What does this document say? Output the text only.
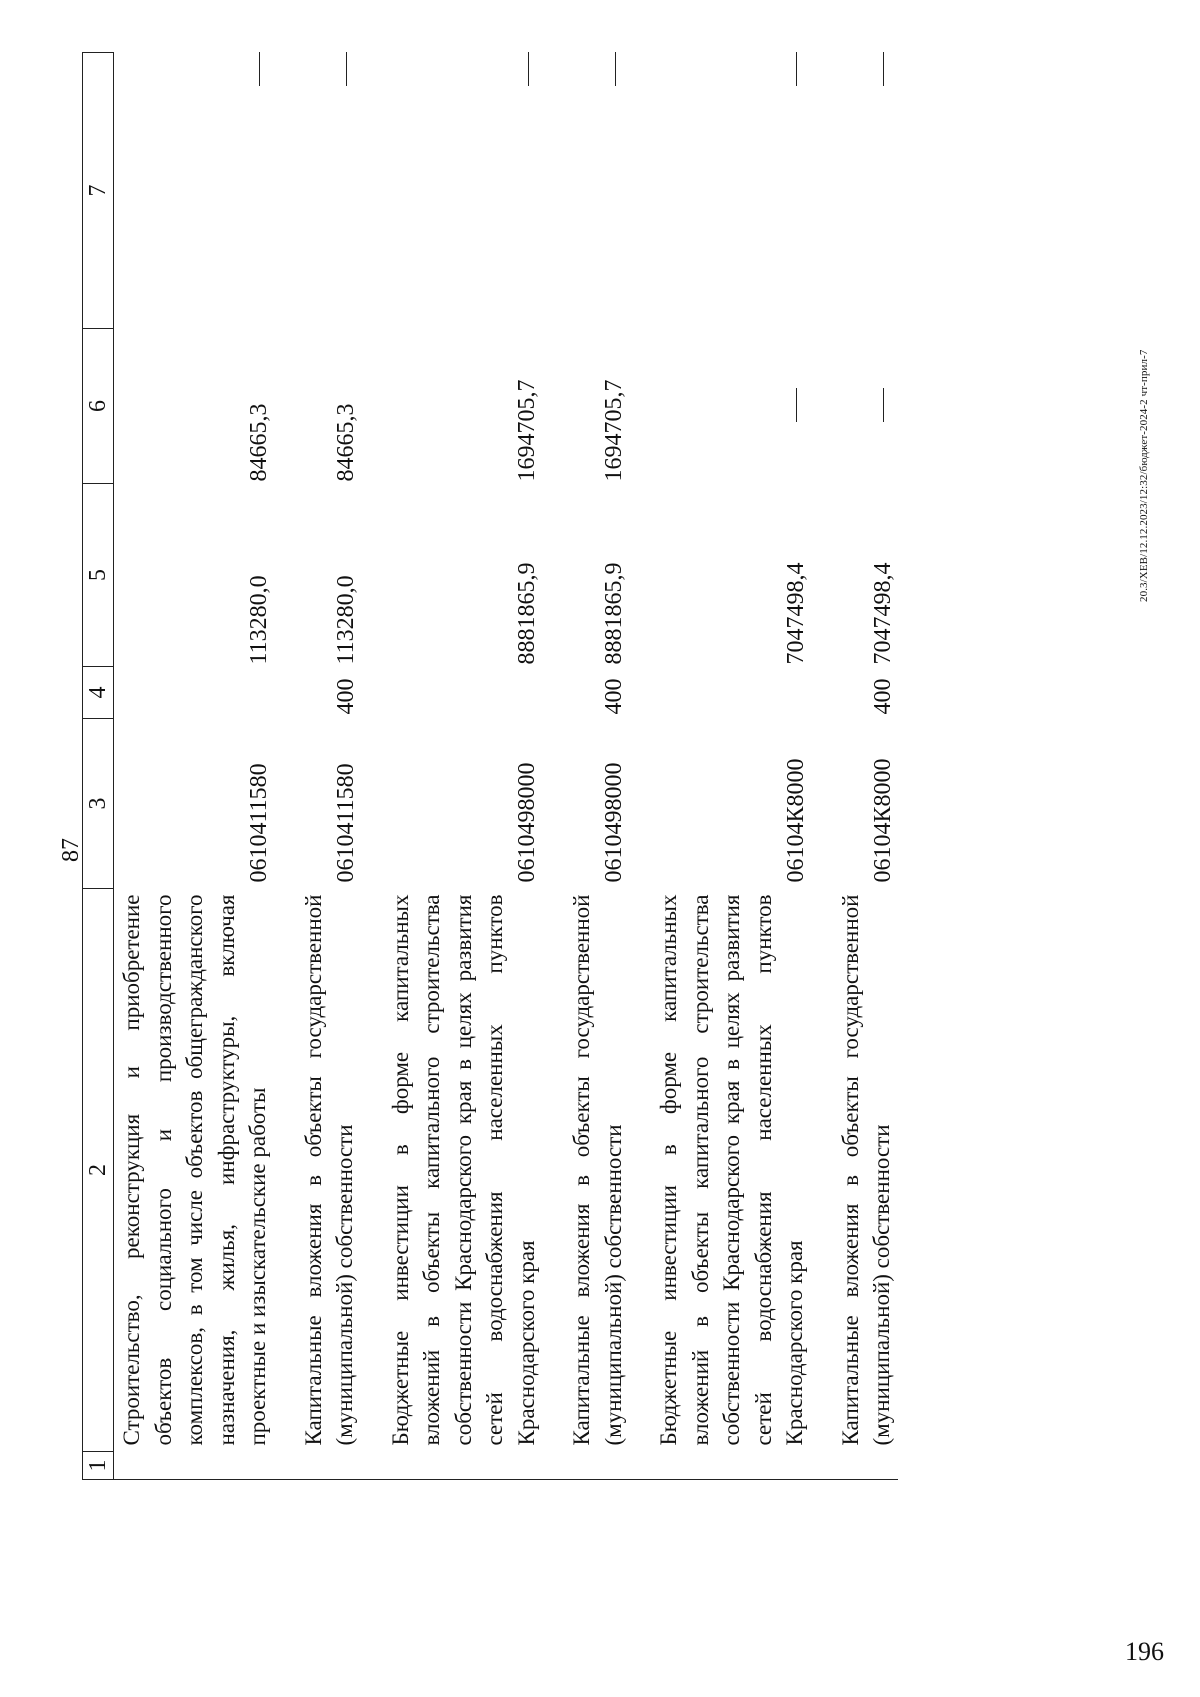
87
1	2	3	4	5	6	7
	Строительство, реконструкция и приобретение объектов социального и производственного комплексов, в том числе объектов общегражданского назначения, жилья, инфраструктуры, включая проектные и изыскательские работы	0610411580		113280,0	84665,3	

	Капитальные вложения в объекты государственной (муниципальной) собственности	0610411580	400	113280,0	84665,3	

	Бюджетные инвестиции в форме капитальных вложений в объекты капитального строительства собственности Краснодарского края в целях развития сетей водоснабжения населенных пунктов Краснодарского края	0610498000		8881865,9	1694705,7	

	Капитальные вложения в объекты государственной (муниципальной) собственности	0610498000	400	8881865,9	1694705,7	

	Бюджетные инвестиции в форме капитальных вложений в объекты капитального строительства собственности Краснодарского края в целях развития сетей водоснабжения населенных пунктов Краснодарского края	06104К8000		7047498,4		

	Капитальные вложения в объекты государственной (муниципальной) собственности	06104К8000	400	7047498,4		
20.3/ХЕВ/12.12.2023/12:32/бюджет-2024-2 чт-прил-7
196
